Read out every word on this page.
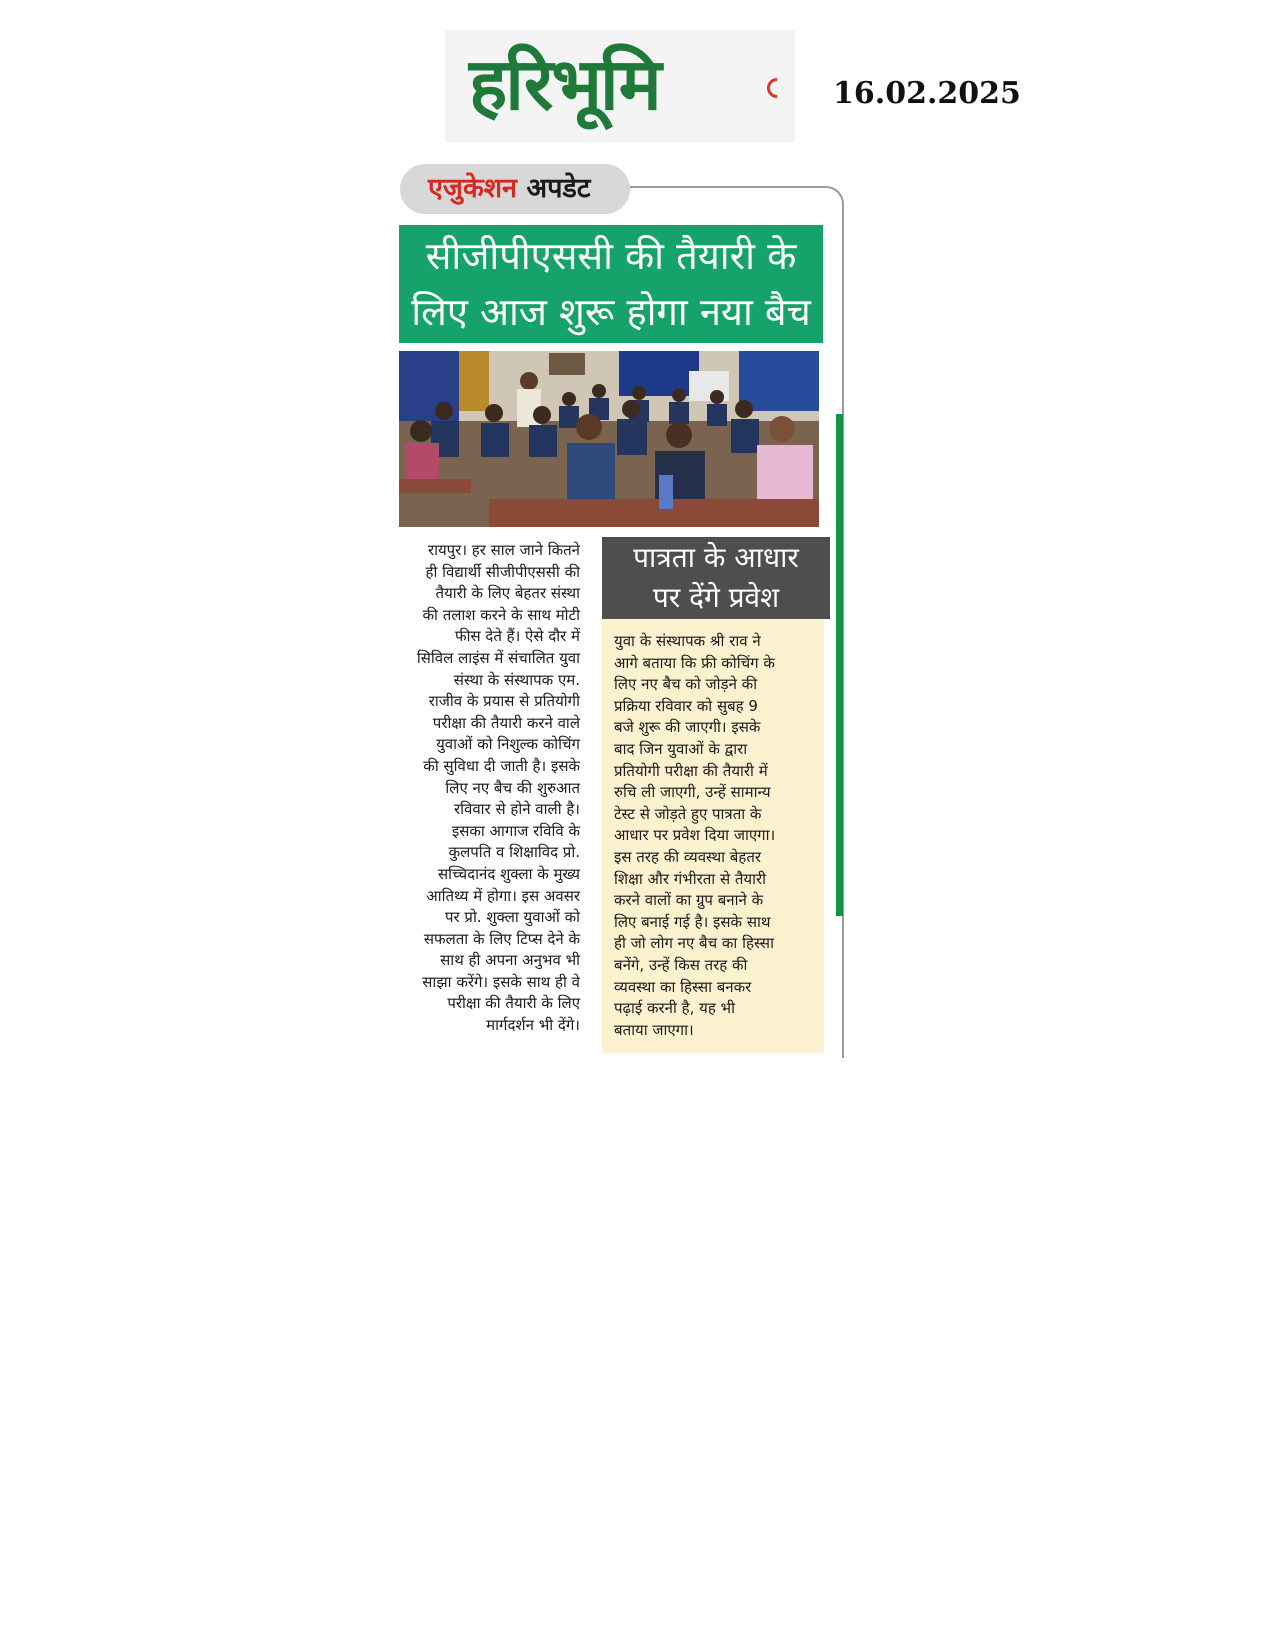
हरिभूमि	16.02.2025
एजुकेशन अपडेट
सीजीपीएससी की तैयारी के
लिए आज शुरू होगा नया बैच

रायपुर। हर साल जाने कितने

ही विद्यार्थी सीजीपीएससी की

तैयारी के लिए बेहतर संस्था

की तलाश करने के साथ मोटी

फीस देते हैं। ऐसे दौर में

सिविल लाइंस में संचालित युवा

संस्था के संस्थापक एम.

राजीव के प्रयास से प्रतियोगी

परीक्षा की तैयारी करने वाले

युवाओं को निशुल्क कोचिंग

की सुविधा दी जाती है। इसके

लिए नए बैच की शुरुआत

रविवार से होने वाली है।

इसका आगाज रविवि के

कुलपति व शिक्षाविद प्रो.

सच्चिदानंद शुक्ला के मुख्य

आतिथ्य में होगा। इस अवसर

पर प्रो. शुक्ला युवाओं को

सफलता के लिए टिप्स देने के

साथ ही अपना अनुभव भी

साझा करेंगे। इसके साथ ही वे

परीक्षा की तैयारी के लिए

मार्गदर्शन भी देंगे।

पात्रता के आधार
पर देंगे प्रवेश

युवा के संस्थापक श्री राव ने

आगे बताया कि फ्री कोचिंग के

लिए नए बैच को जोड़ने की

प्रक्रिया रविवार को सुबह 9

बजे शुरू की जाएगी। इसके

बाद जिन युवाओं के द्वारा

प्रतियोगी परीक्षा की तैयारी में

रुचि ली जाएगी, उन्हें सामान्य

टेस्ट से जोड़ते हुए पात्रता के

आधार पर प्रवेश दिया जाएगा।

इस तरह की व्यवस्था बेहतर

शिक्षा और गंभीरता से तैयारी

करने वालों का ग्रुप बनाने के

लिए बनाई गई है। इसके साथ

ही जो लोग नए बैच का हिस्सा

बनेंगे, उन्हें किस तरह की

व्यवस्था का हिस्सा बनकर

पढ़ाई करनी है, यह भी

बताया जाएगा।
